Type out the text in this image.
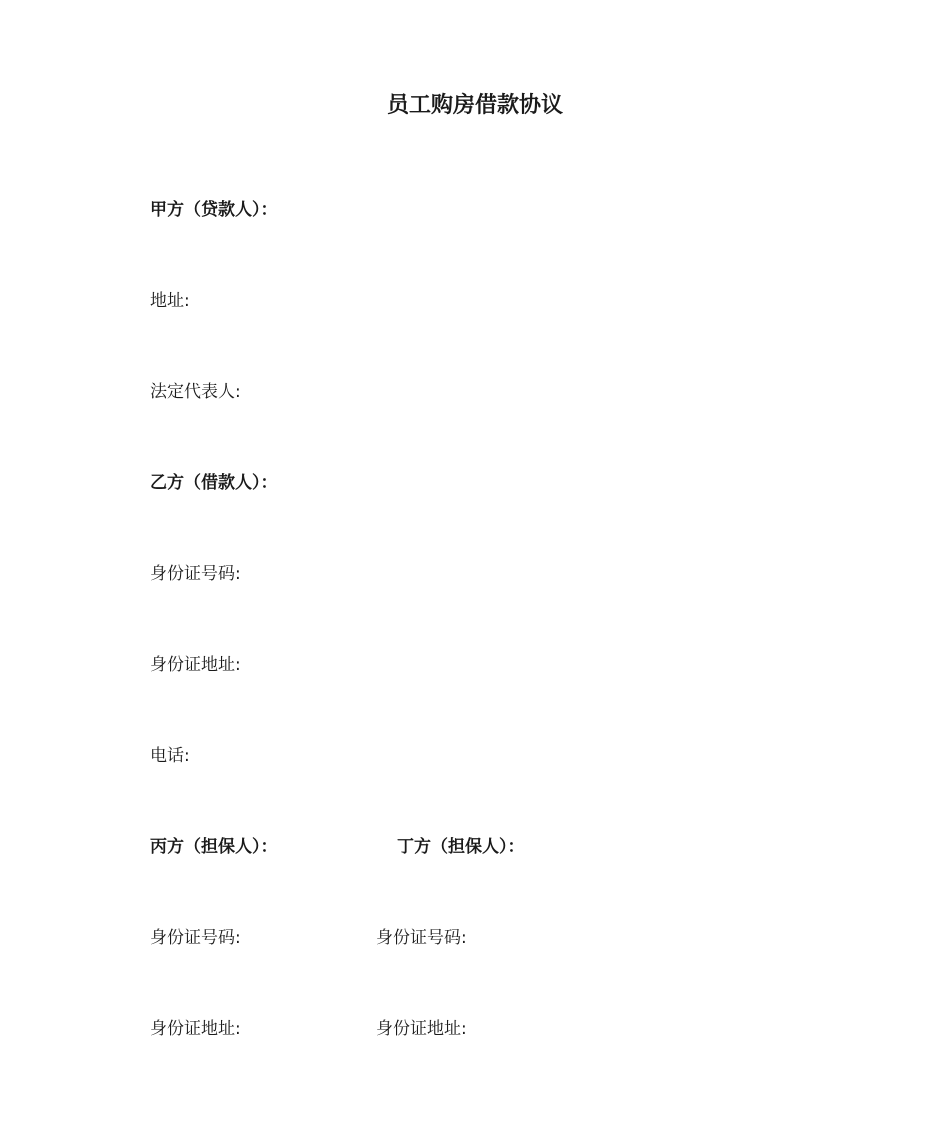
员工购房借款协议
甲方（贷款人）：
地址:
法定代表人:
乙方（借款人）：
身份证号码:
身份证地址:
电话:
丙方（担保人）：	丁方（担保人）：
身份证号码:	身份证号码:
身份证地址:	身份证地址:
